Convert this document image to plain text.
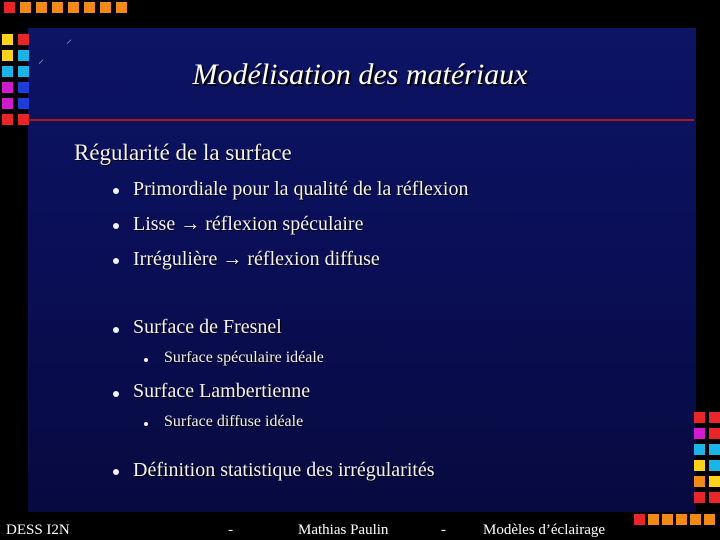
⸝
⸝	Modélisation des matériaux
Régularité de la surface
Primordiale pour la qualité de la réflexion
Lisse → réflexion spéculaire
Irrégulière → réflexion diffuse
Surface de Fresnel
Surface spéculaire idéale
Surface Lambertienne
Surface diffuse idéale
Définition statistique des irrégularités
DESS I2N	-	Mathias Paulin	- Modèles d’éclairage
